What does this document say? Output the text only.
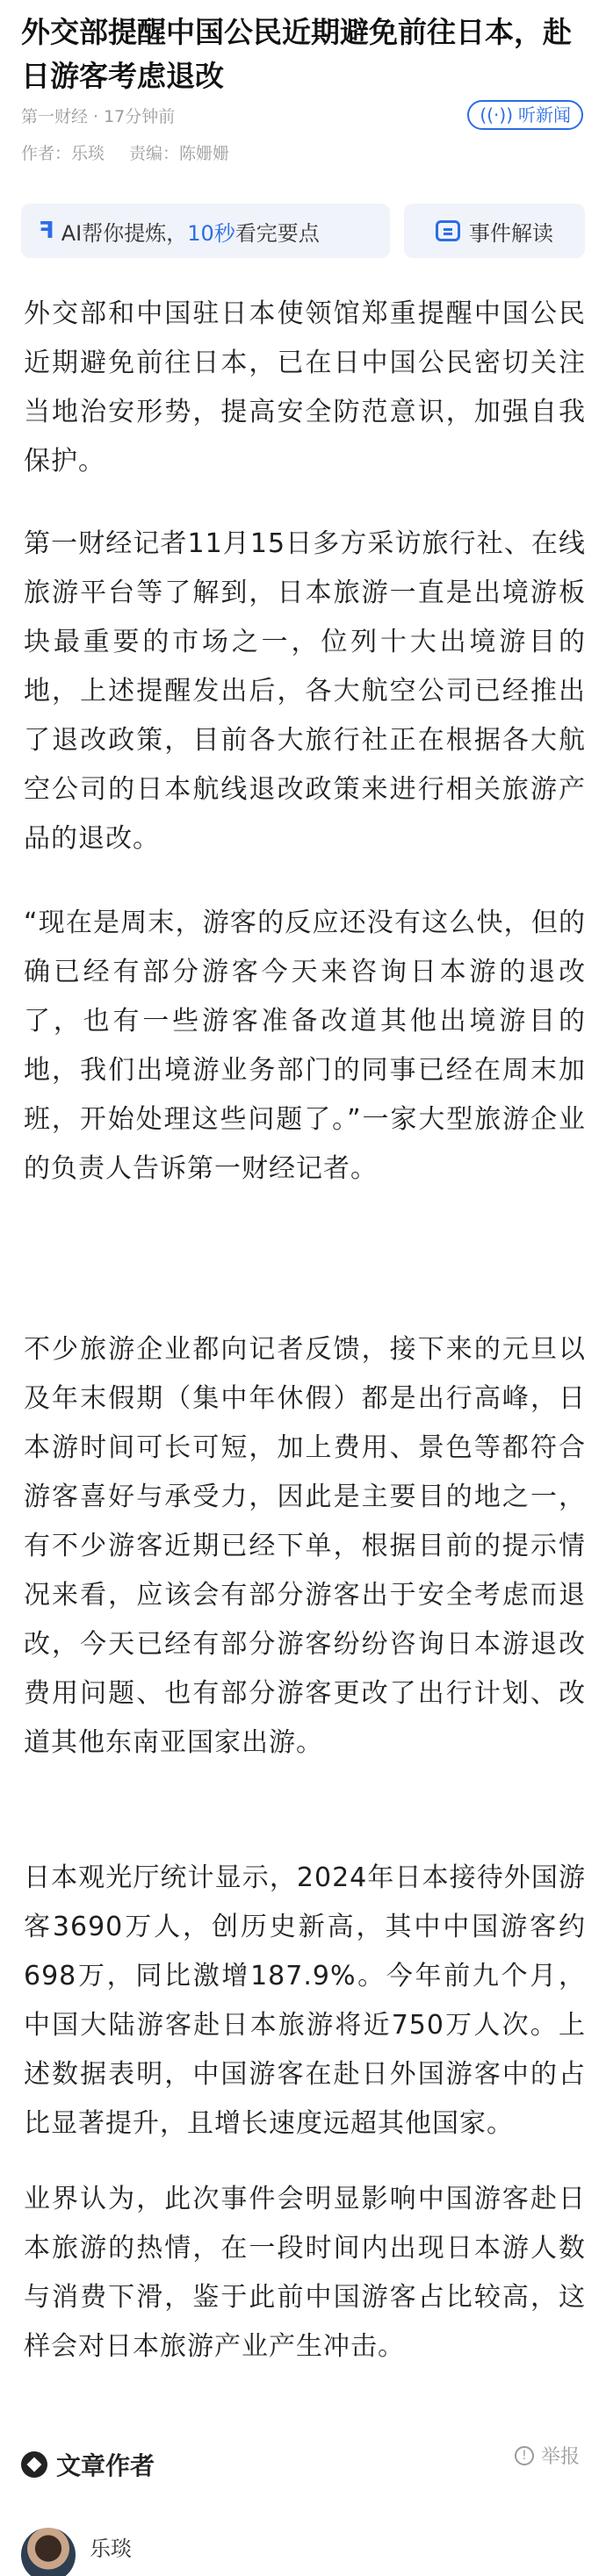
外交部提醒中国公民近期避免前往日本，赴日游客考虑退改
第一财经 · 17分钟前	((·)) 听新闻
作者：乐琰 责编：陈姗姗
ꟻ AI帮你提炼， 10秒 看完要点	事件解读

外交部和中国驻日本使领馆郑重提醒中国公民近期避免前往日本，已在日中国公民密切关注当地治安形势，提高安全防范意识，加强自我保护。

第一财经记者11月15日多方采访旅行社、在线旅游平台等了解到，日本旅游一直是出境游板块最重要的市场之一，位列十大出境游目的地，上述提醒发出后，各大航空公司已经推出了退改政策，目前各大旅行社正在根据各大航空公司的日本航线退改政策来进行相关旅游产品的退改。

“现在是周末，游客的反应还没有这么快，但的确已经有部分游客今天来咨询日本游的退改了，也有一些游客准备改道其他出境游目的地，我们出境游业务部门的同事已经在周末加班，开始处理这些问题了。”一家大型旅游企业的负责人告诉第一财经记者。

不少旅游企业都向记者反馈，接下来的元旦以及年末假期（集中年休假）都是出行高峰，日本游时间可长可短，加上费用、景色等都符合游客喜好与承受力，因此是主要目的地之一，有不少游客近期已经下单，根据目前的提示情况来看，应该会有部分游客出于安全考虑而退改，今天已经有部分游客纷纷咨询日本游退改费用问题、也有部分游客更改了出行计划、改道其他东南亚国家出游。

日本观光厅统计显示，2024年日本接待外国游客3690万人，创历史新高，其中中国游客约698万，同比激增187.9%。今年前九个月，中国大陆游客赴日本旅游将近750万人次。上述数据表明，中国游客在赴日外国游客中的占比显著提升，且增长速度远超其他国家。

业界认为，此次事件会明显影响中国游客赴日本旅游的热情，在一段时间内出现日本游人数与消费下滑，鉴于此前中国游客占比较高，这样会对日本旅游产业产生冲击。

! 举报
文章作者
乐琰
